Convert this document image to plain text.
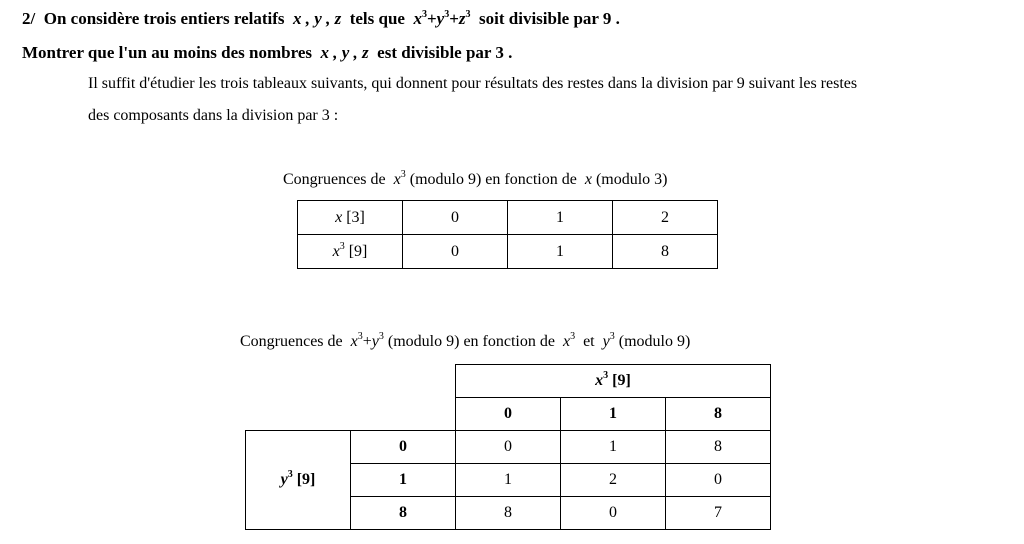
2/ On considère trois entiers relatifs x , y , z tels que $x^3+y^3+z^3$ soit divisible par 9 .
Montrer que l'un au moins des nombres x , y , z est divisible par 3 .
Il suffit d'étudier les trois tableaux suivants, qui donnent pour résultats des restes dans la division par 9 suivant les restes
des composants dans la division par 3 :
Congruences de $x^3$ (modulo 9) en fonction de x (modulo 3)
x [3]	0	1	2
$x^3$ [9]	0	1	8
Congruences de $x^3+y^3$ (modulo 9) en fonction de $x^3$ et $y^3$ (modulo 9)
		$x^3$ [9]		
		0	1	8
$y^3$ [9]	0	0	1	8
	1	1	2	0
	8	8	0	7
